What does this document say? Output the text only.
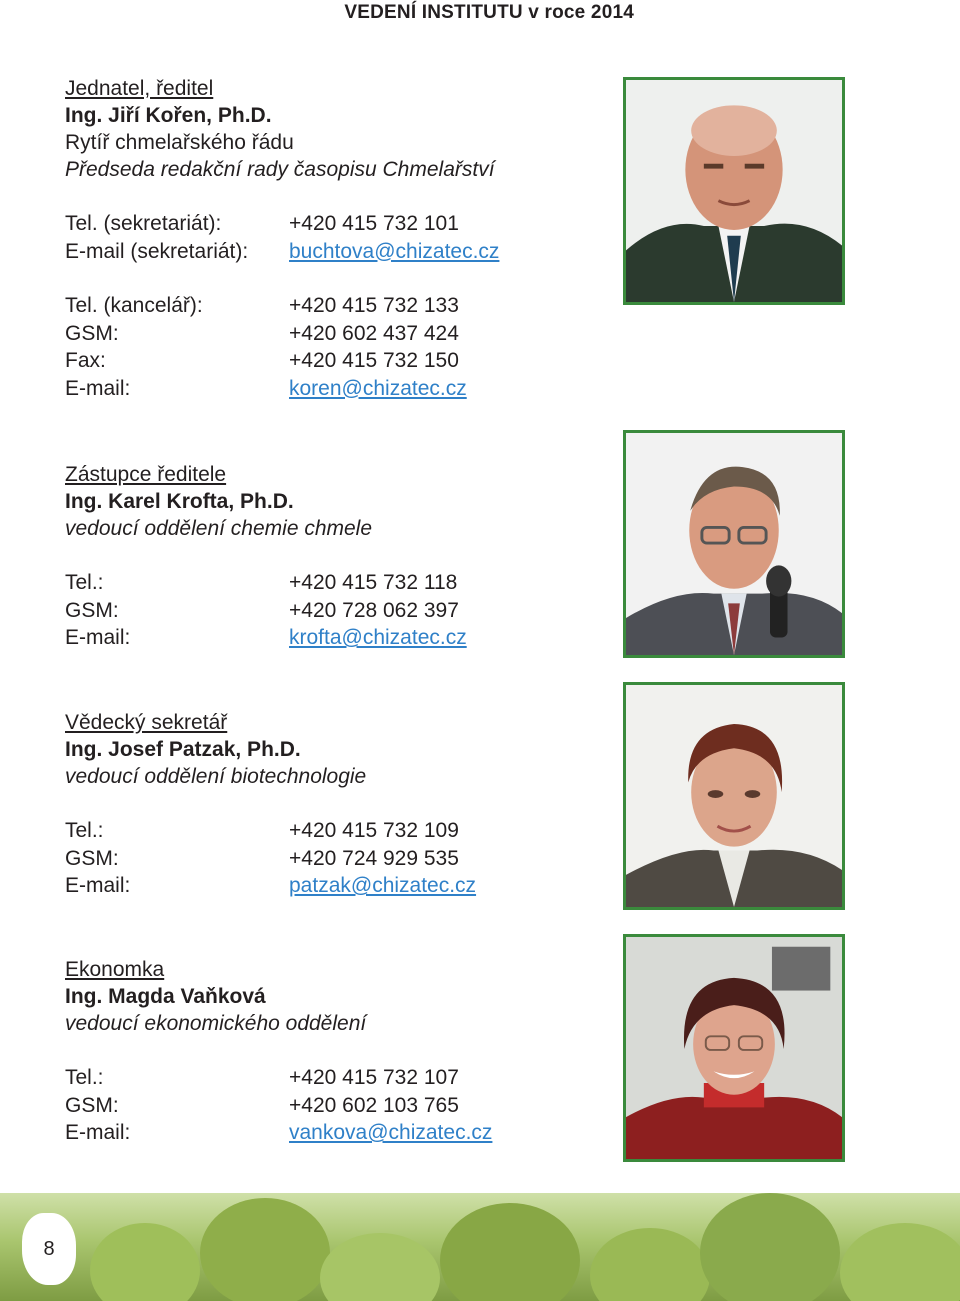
VEDENÍ INSTITUTU v roce 2014
Jednatel, ředitel
Ing. Jiří Kořen, Ph.D.
Rytíř chmelařského řádu
Předseda redakční rady časopisu Chmelařství
Tel. (sekretariát):	+420 415 732 101
E-mail (sekretariát):	buchtova@chizatec.cz
Tel. (kancelář):	+420 415 732 133
GSM:	+420 602 437 424
Fax:	+420 415 732 150
E-mail:	koren@chizatec.cz
Zástupce ředitele
Ing. Karel Krofta, Ph.D.
vedoucí oddělení chemie chmele
Tel.:	+420 415 732 118
GSM:	+420 728 062 397
E-mail:	krofta@chizatec.cz
Vědecký sekretář
Ing. Josef Patzak, Ph.D.
vedoucí oddělení biotechnologie
Tel.:	+420 415 732 109
GSM:	+420 724 929 535
E-mail:	patzak@chizatec.cz
Ekonomka
Ing. Magda Vaňková
vedoucí ekonomického oddělení
Tel.:	+420 415 732 107
GSM:	+420 602 103 765
E-mail:	vankova@chizatec.cz
8
